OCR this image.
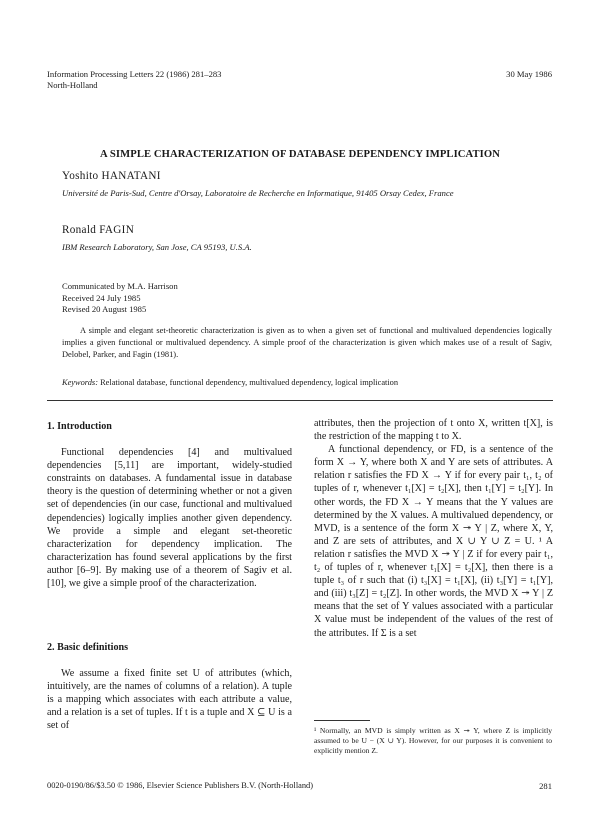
Information Processing Letters 22 (1986) 281–283
North-Holland
30 May 1986
A SIMPLE CHARACTERIZATION OF DATABASE DEPENDENCY IMPLICATION
Yoshito HANATANI
Université de Paris-Sud, Centre d'Orsay, Laboratoire de Recherche en Informatique, 91405 Orsay Cedex, France
Ronald FAGIN
IBM Research Laboratory, San Jose, CA 95193, U.S.A.
Communicated by M.A. Harrison
Received 24 July 1985
Revised 20 August 1985
A simple and elegant set-theoretic characterization is given as to when a given set of functional and multivalued dependencies logically implies a given functional or multivalued dependency. A simple proof of the characterization is given which makes use of a result of Sagiv, Delobel, Parker, and Fagin (1981).
Keywords: Relational database, functional dependency, multivalued dependency, logical implication
1. Introduction

Functional dependencies [4] and multivalued dependencies [5,11] are important, widely-studied constraints on databases. A fundamental issue in database theory is the question of determining whether or not a given set of dependencies (in our case, functional and multivalued dependencies) logically implies another given dependency. We provide a simple and elegant set-theoretic characterization for dependency implication. The characterization has found several applications by the first author [6–9]. By making use of a theorem of Sagiv et al. [10], we give a simple proof of the characterization.

2. Basic definitions

We assume a fixed finite set U of attributes (which, intuitively, are the names of columns of a relation). A tuple is a mapping which associates with each attribute a value, and a relation is a set of tuples. If t is a tuple and X ⊆ U is a set of

attributes, then the projection of t onto X, written t[X], is the restriction of the mapping t to X.

A functional dependency, or FD, is a sentence of the form X → Y, where both X and Y are sets of attributes. A relation r satisfies the FD X → Y if for every pair t₁, t₂ of tuples of r, whenever t₁[X] = t₂[X], then t₁[Y] = t₂[Y]. In other words, the FD X → Y means that the Y values are determined by the X values. A multivalued dependency, or MVD, is a sentence of the form X ↠ Y | Z, where X, Y, and Z are sets of attributes, and X ∪ Y ∪ Z = U. ¹ A relation r satisfies the MVD X ↠ Y | Z if for every pair t₁, t₂ of tuples of r, whenever t₁[X] = t₂[X], then there is a tuple t₃ of r such that (i) t₃[X] = t₁[X], (ii) t₃[Y] = t₁[Y], and (iii) t₃[Z] = t₂[Z]. In other words, the MVD X ↠ Y | Z means that the set of Y values associated with a particular X value must be independent of the values of the rest of the attributes. If Σ is a set

¹ Normally, an MVD is simply written as X ↠ Y, where Z is implicitly assumed to be U − (X ∪ Y). However, for our purposes it is convenient to explicitly mention Z.
0020-0190/86/$3.50 © 1986, Elsevier Science Publishers B.V. (North-Holland)	281
